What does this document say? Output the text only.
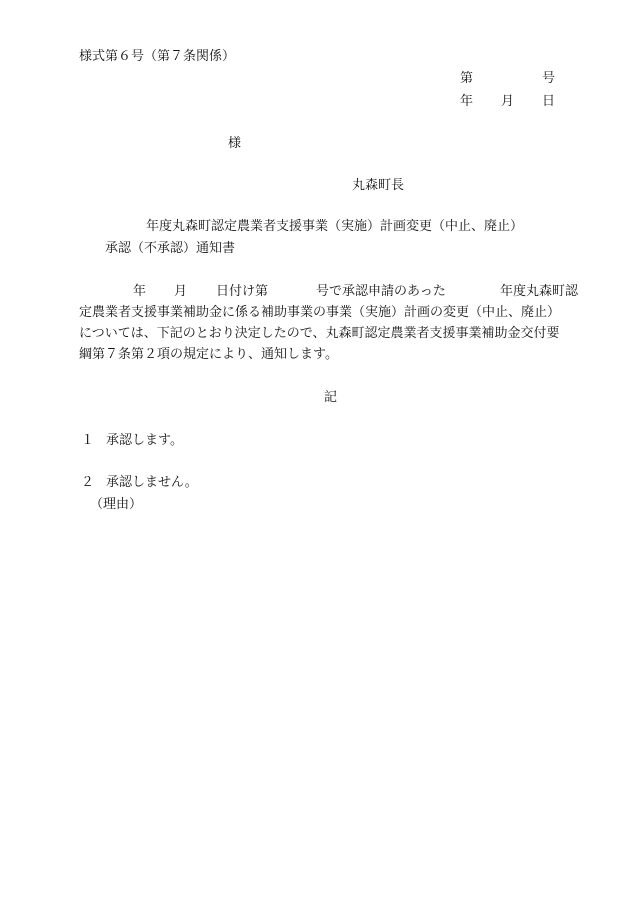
様式第６号（第７条関係）
第	号
年 月 日
様
丸森町長
年度丸森町認定農業者支援事業（実施）計画変更（中止、廃止）
承認（不承認）通知書
年 月 日付け第	号で承認申請のあった	年度丸森町認
定農業者支援事業補助金に係る補助事業の事業（実施）計画の変更（中止、廃止）
については、下記のとおり決定したので、丸森町認定農業者支援事業補助金交付要
綱第７条第２項の規定により、通知します。
記
１ 承認します。
２ 承認しません。
（理由）
